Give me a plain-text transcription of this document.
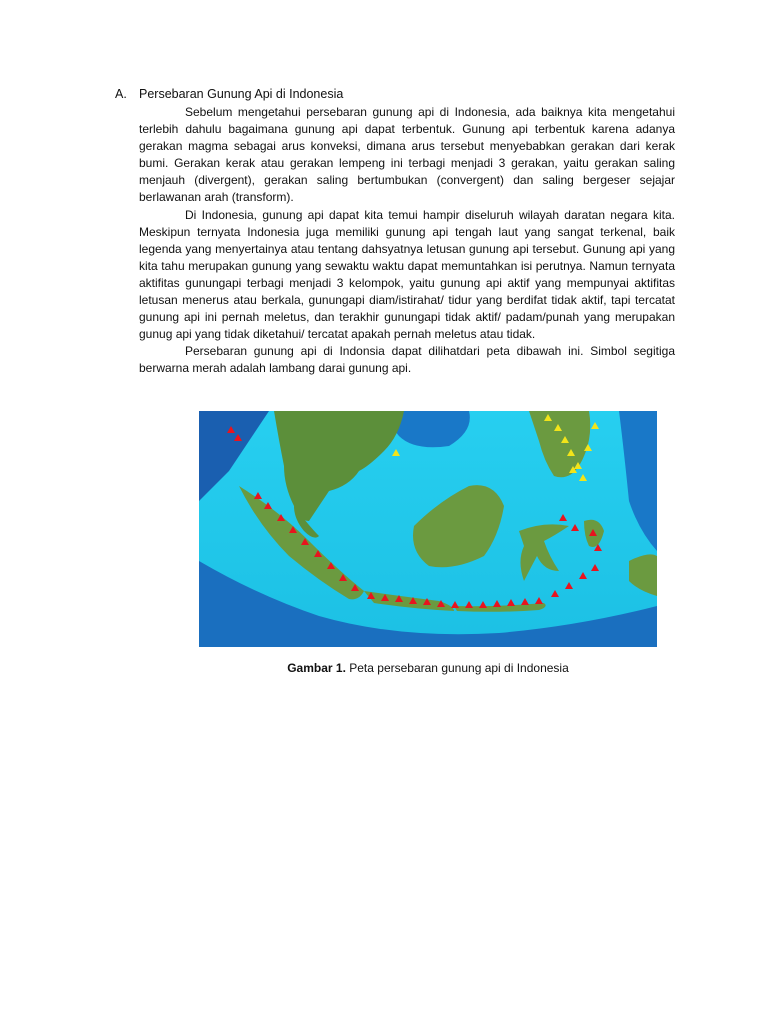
A. Persebaran Gunung Api di Indonesia

Sebelum mengetahui persebaran gunung api di Indonesia, ada baiknya kita mengetahui terlebih dahulu bagaimana gunung api dapat terbentuk. Gunung api terbentuk karena adanya gerakan magma sebagai arus konveksi, dimana arus tersebut menyebabkan gerakan dari kerak bumi. Gerakan kerak atau gerakan lempeng ini terbagi menjadi 3 gerakan, yaitu gerakan saling menjauh (divergent), gerakan saling bertumbukan (convergent) dan saling bergeser sejajar berlawanan arah (transform).

Di Indonesia, gunung api dapat kita temui hampir diseluruh wilayah daratan negara kita. Meskipun ternyata Indonesia juga memiliki gunung api tengah laut yang sangat terkenal, baik legenda yang menyertainya atau tentang dahsyatnya letusan gunung api tersebut. Gunung api yang kita tahu merupakan gunung yang sewaktu waktu dapat memuntahkan isi perutnya. Namun ternyata aktifitas gunungapi terbagi menjadi 3 kelompok, yaitu gunung api aktif yang mempunyai aktifitas letusan menerus atau berkala, gunungapi diam/istirahat/ tidur yang berdifat tidak aktif, tapi tercatat gunung api ini pernah meletus, dan terakhir gunungapi tidak aktif/ padam/punah yang merupakan gunug api yang tidak diketahui/ tercatat apakah pernah meletus atau tidak.

Persebaran gunung api di Indonsia dapat dilihatdari peta dibawah ini. Simbol segitiga berwarna merah adalah lambang darai gunung api.

Gambar 1. Peta persebaran gunung api di Indonesia
